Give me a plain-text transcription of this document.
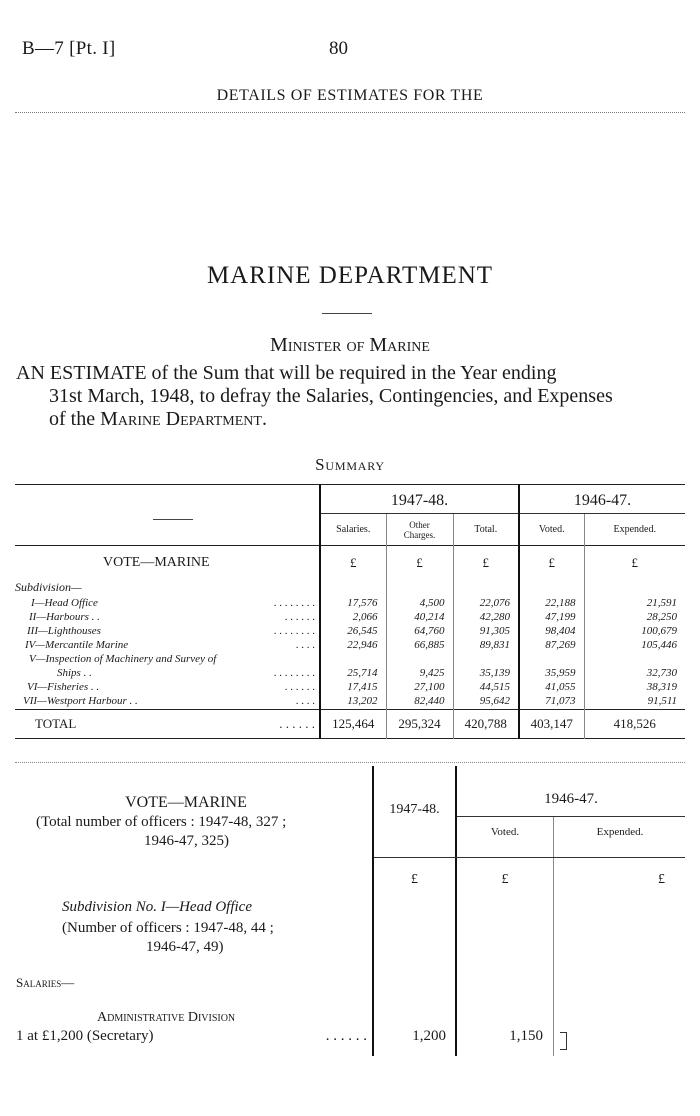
B—7 [Pt. I]	80
DETAILS OF ESTIMATES FOR THE
MARINE DEPARTMENT
Minister of Marine
AN ESTIMATE of the Sum that will be required in the Year ending
31st March, 1948, to defray the Salaries, Contingencies, and Expenses
of the Marine Department.
Summary

	1947-48.			1946-47.	
	Salaries.	Other
Charges.	Total.	Voted.	Expended.
VOTE—MARINE	£	£	£	£	£
Subdivision—					
I—Head Office . . . . . . . .	17,576	4,500	22,076	22,188	21,591
II—Harbours . . . . . . . .	2,066	40,214	42,280	47,199	28,250
III—Lighthouses . . . . . . . .	26,545	64,760	91,305	98,404	100,679
IV—Mercantile Marine . . . .	22,946	66,885	89,831	87,269	105,446
V—Inspection of Machinery and Survey of					
Ships . . . . . . . . . .	25,714	9,425	35,139	35,959	32,730
VI—Fisheries . . . . . . . .	17,415	27,100	44,515	41,055	38,319
VII—Westport Harbour . . . . . .	13,202	82,440	95,642	71,073	91,511
TOTAL . . . . . .	125,464	295,324	420,788	403,147	418,526
VOTE—MARINE
(Total number of officers : 1947-48, 327 ;
1946-47, 325)
1947-48.
1946-47.
Voted.	Expended.
£	£	£
Subdivision No. I—Head Office
(Number of officers : 1947-48, 44 ;
1946-47, 49)
Salaries—
Administrative Division
1 at £1,200 (Secretary)	. . . . . .	1,200	1,150
